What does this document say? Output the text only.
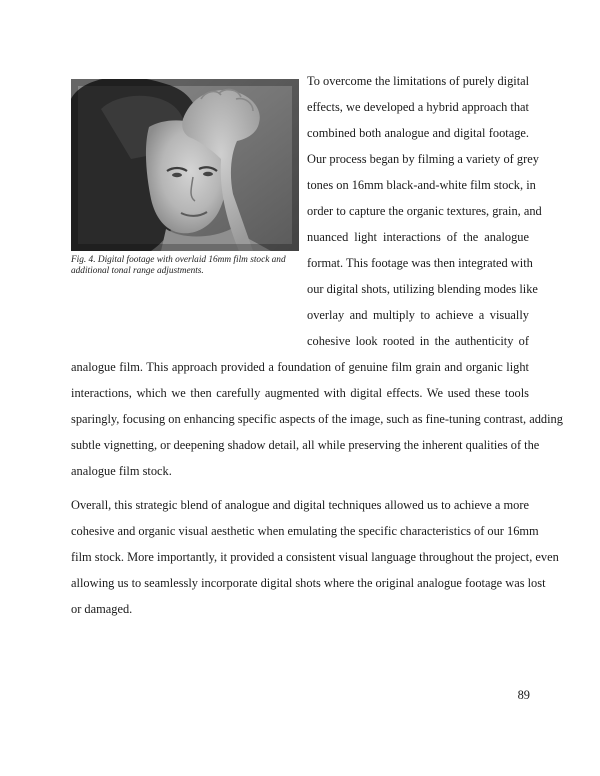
Fig. 4. Digital footage with overlaid 16mm film stock and
additional tonal range adjustments.

To overcome the limitations of purely digital

effects, we developed a hybrid approach that

combined both analogue and digital footage.

Our process began by filming a variety of grey

tones on 16mm black-and-white film stock, in

order to capture the organic textures, grain, and

nuanced light interactions of the analogue

format. This footage was then integrated with

our digital shots, utilizing blending modes like

overlay and multiply to achieve a visually

cohesive look rooted in the authenticity of

analogue film. This approach provided a foundation of genuine film grain and organic light

interactions, which we then carefully augmented with digital effects. We used these tools

sparingly, focusing on enhancing specific aspects of the image, such as fine-tuning contrast, adding

subtle vignetting, or deepening shadow detail, all while preserving the inherent qualities of the

analogue film stock.

Overall, this strategic blend of analogue and digital techniques allowed us to achieve a more

cohesive and organic visual aesthetic when emulating the specific characteristics of our 16mm

film stock. More importantly, it provided a consistent visual language throughout the project, even

allowing us to seamlessly incorporate digital shots where the original analogue footage was lost

or damaged.

89
